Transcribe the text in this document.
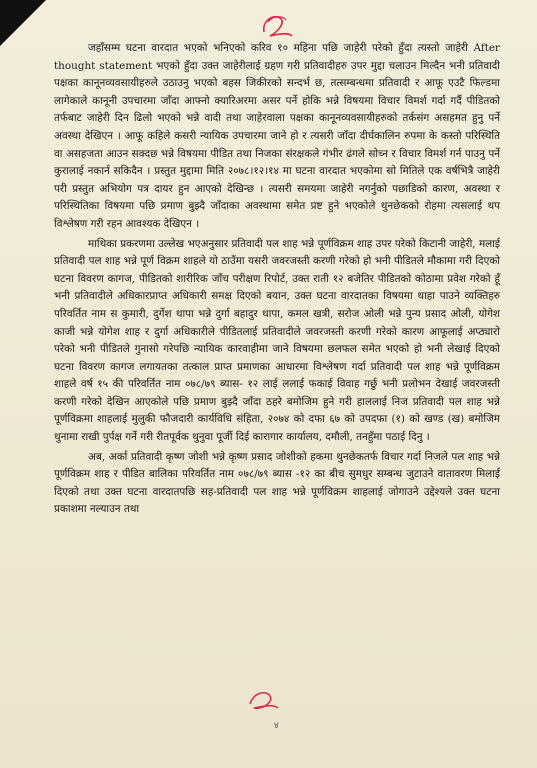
जहाँसम्म घटना वारदात भएको भनिएको करिव १० महिना पछि जाहेरी परेको हुँदा त्यस्तो जाहेरी After thought statement भएको हुँदा उक्त जाहेरीलाई ग्रहण गरी प्रतिवादीहरु उपर मुद्दा चलाउन मिल्दैन भनी प्रतिवादी पक्षका कानूनव्यवसायीहरुले उठाउनु भएको बहस जिकीरको सन्दर्भ छ, तत्सम्बन्धमा प्रतिवादी र आफू एउटै फिल्डमा लागेकाले कानूनी उपचारमा जाँदा आफ्नो क्यारिअरमा असर पर्ने हाेकि भन्ने विषयमा विचार विमर्श गर्दा गर्दै पीडितको तर्फबाट जाहेरी दिन ढिलो भएको भन्ने वादी तथा जाहेरवाला पक्षका कानूनव्यवसायीहरुको तर्कसंग असहमत हुनु पर्ने अवस्था देखिएन । आफू कहिले कसरी न्यायिक उपचारमा जाने हो र त्यसरी जाँदा दीर्घकालिन रुपमा के कस्तो परिस्थिति वा असहजता आउन सक्दछ भन्ने विषयमा पीडित तथा निजका संरक्षकले गंभीर ढंगले सोच्न र विचार विमर्श गर्न पाउनु पर्ने कुरालाई नकार्न सकिदैन । प्रस्तुत मुद्दामा मिति २०७८।१२।१४ मा घटना वारदात भएकोमा सो मितिले एक वर्षभित्रै जाहेरी परी प्रस्तुत अभियोग पत्र दायर हुन आएको देखिन्छ । त्यसरी समयमा जाहेरी नगर्नुको पछाडिको कारण, अवस्था र परिस्थितिका विषयमा पछि प्रमाण बुझ्दै जाँदाका अवस्थामा समेत प्रष्ट हुने भएकोले थुनछेकको रोहमा त्यसलाई थप विश्लेषण गरी रहन आवश्यक देखिएन ।

माथिका प्रकरणमा उल्लेख भएअनुसार प्रतिवादी पल शाह भन्ने पूर्णविक्रम शाह उपर परेको किटानी जाहेरी, मलाई प्रतिवादी पल शाह भन्ने पूर्ण विक्रम शाहले यो ठाउँमा यसरी जवरजस्ती करणी गरेको हो भनी पीडितले मौकामा गरी दिएको घटना विवरण कागज, पीडितको शारीरिक जाँच परीक्षण रिपोर्ट, उक्त राती १२ बजेतिर पीडितको कोठामा प्रवेश गरेको हूँ भनी प्रतिवादीले अधिकारप्राप्त अधिकारी समक्ष दिएको बयान, उक्त घटना वारदातका विषयमा थाहा पाउने व्यक्तिहरु परिवर्तित नाम स कुमारी, दुर्गेश थापा भन्ने दुर्गा बहादुर थापा, कमल खत्री, सरोज ओली भन्ने पुन्य प्रसाद ओली, योगेश काजी भन्ने योगेश शाह र दुर्गा अधिकारीले पीडितलाई प्रतिवादीले जवरजस्ती करणी गरेको कारण आफूलाई अप्ठ्यारो परेको भनी पीडितले गुनासो गरेपछि न्यायिक कारवाहीमा जाने विषयमा छलफल समेत भएको हो भनी लेखाई दिएको घटना विवरण कागज लगायतका तत्काल प्राप्त प्रमाणका आधारमा विश्लेषण गर्दा प्रतिवादी पल शाह भन्ने पूर्णविक्रम शाहले वर्ष १५ की परिवर्तित नाम ०७८/७९ ब्यास- १२ लाई ललाई फकाई विवाह गर्छु भनी प्रलोभन देखाई जवरजस्ती करणी गरेको देखिन आएकोले पछि प्रमाण बुझ्दै जाँदा ठहरे बमोजिम हुने गरी हाललाई निज प्रतिवादी पल शाह भन्ने पूर्णविक्रमा शाहलाई मुलुकी फौजदारी कार्यविधि संहिता, २०७४ को दफा ६७ को उपदफा (१) को खण्ड (ख) बमोजिम थुनामा राखी पुर्पक्ष गर्ने गरी रीतपूर्वक थुनुवा पूर्जी दिई कारागार कार्यालय, दमौली, तनहुँमा पठाई दिनु ।

अब, अर्का प्रतिवादी कृष्ण जोशी भन्ने कृष्ण प्रसाद जोशीको हकमा थुनछेकतर्फ विचार गर्दा निजले पल शाह भन्ने पूर्णविक्रम शाह र पीडित बालिका परिवर्तित नाम ०७८/७९ ब्यास -१२ का बीच सुमधुर सम्बन्ध जुटाउने वातावरण मिलाई दिएको तथा उक्त घटना वारदातपछि सह-प्रतिवादी पल शाह भन्ने पूर्णविक्रम शाहलाई जोगाउने उद्देश्यले उक्त घटना प्रकाशमा नल्याउन तथा

४
